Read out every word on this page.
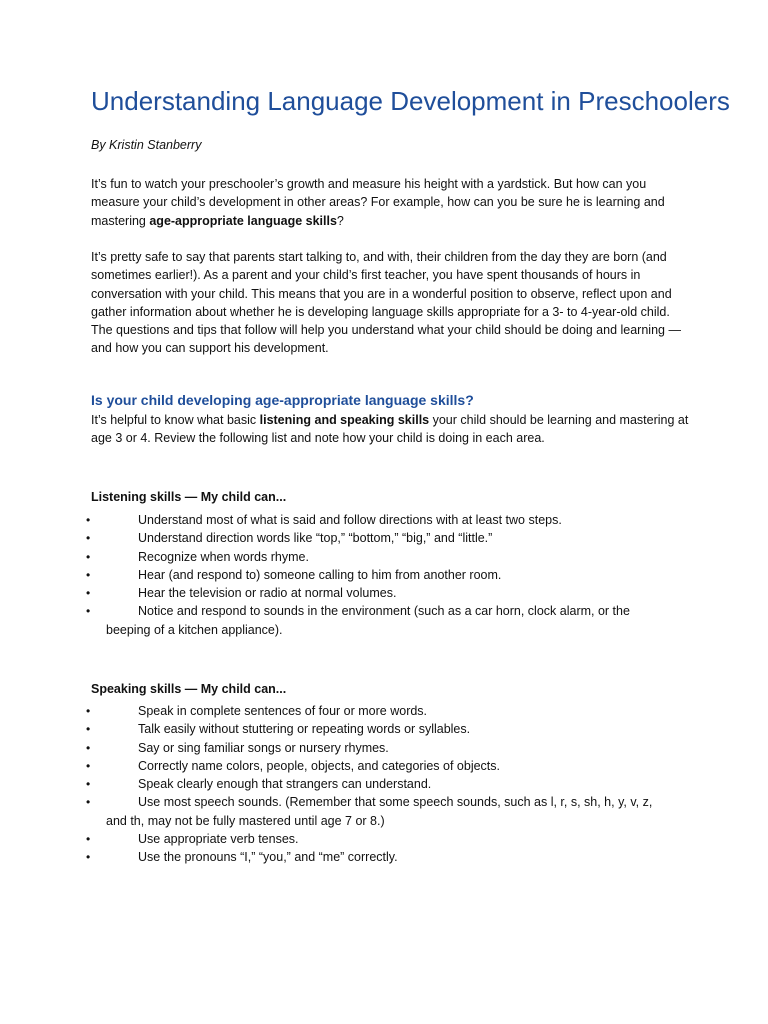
Understanding Language Development in Preschoolers

By Kristin Stanberry

It’s fun to watch your preschooler’s growth and measure his height with a yardstick. But how can you measure your child’s development in other areas? For example, how can you be sure he is learning and mastering age-appropriate language skills?

It’s pretty safe to say that parents start talking to, and with, their children from the day they are born (and sometimes earlier!). As a parent and your child’s first teacher, you have spent thousands of hours in conversation with your child. This means that you are in a wonderful position to observe, reflect upon and gather information about whether he is developing language skills appropriate for a 3- to 4-year-old child. The questions and tips that follow will help you understand what your child should be doing and learning —and how you can support his development.

Is your child developing age-appropriate language skills?

It’s helpful to know what basic listening and speaking skills your child should be learning and mastering at age 3 or 4. Review the following list and note how your child is doing in each area.

Listening skills — My child can...
•	Understand most of what is said and follow directions with at least two steps.
•	Understand direction words like “top,” “bottom,” “big,” and “little.”
•	Recognize when words rhyme.
•	Hear (and respond to) someone calling to him from another room.
•	Hear the television or radio at normal volumes.
•	Notice and respond to sounds in the environment (such as a car horn, clock alarm, or the
beeping of a kitchen appliance).
Speaking skills — My child can...
•	Speak in complete sentences of four or more words.
•	Talk easily without stuttering or repeating words or syllables.
•	Say or sing familiar songs or nursery rhymes.
•	Correctly name colors, people, objects, and categories of objects.
•	Speak clearly enough that strangers can understand.
•	Use most speech sounds. (Remember that some speech sounds, such as l, r, s, sh, h, y, v, z,
and th, may not be fully mastered until age 7 or 8.)
•	Use appropriate verb tenses.
•	Use the pronouns “I,” “you,” and “me” correctly.
